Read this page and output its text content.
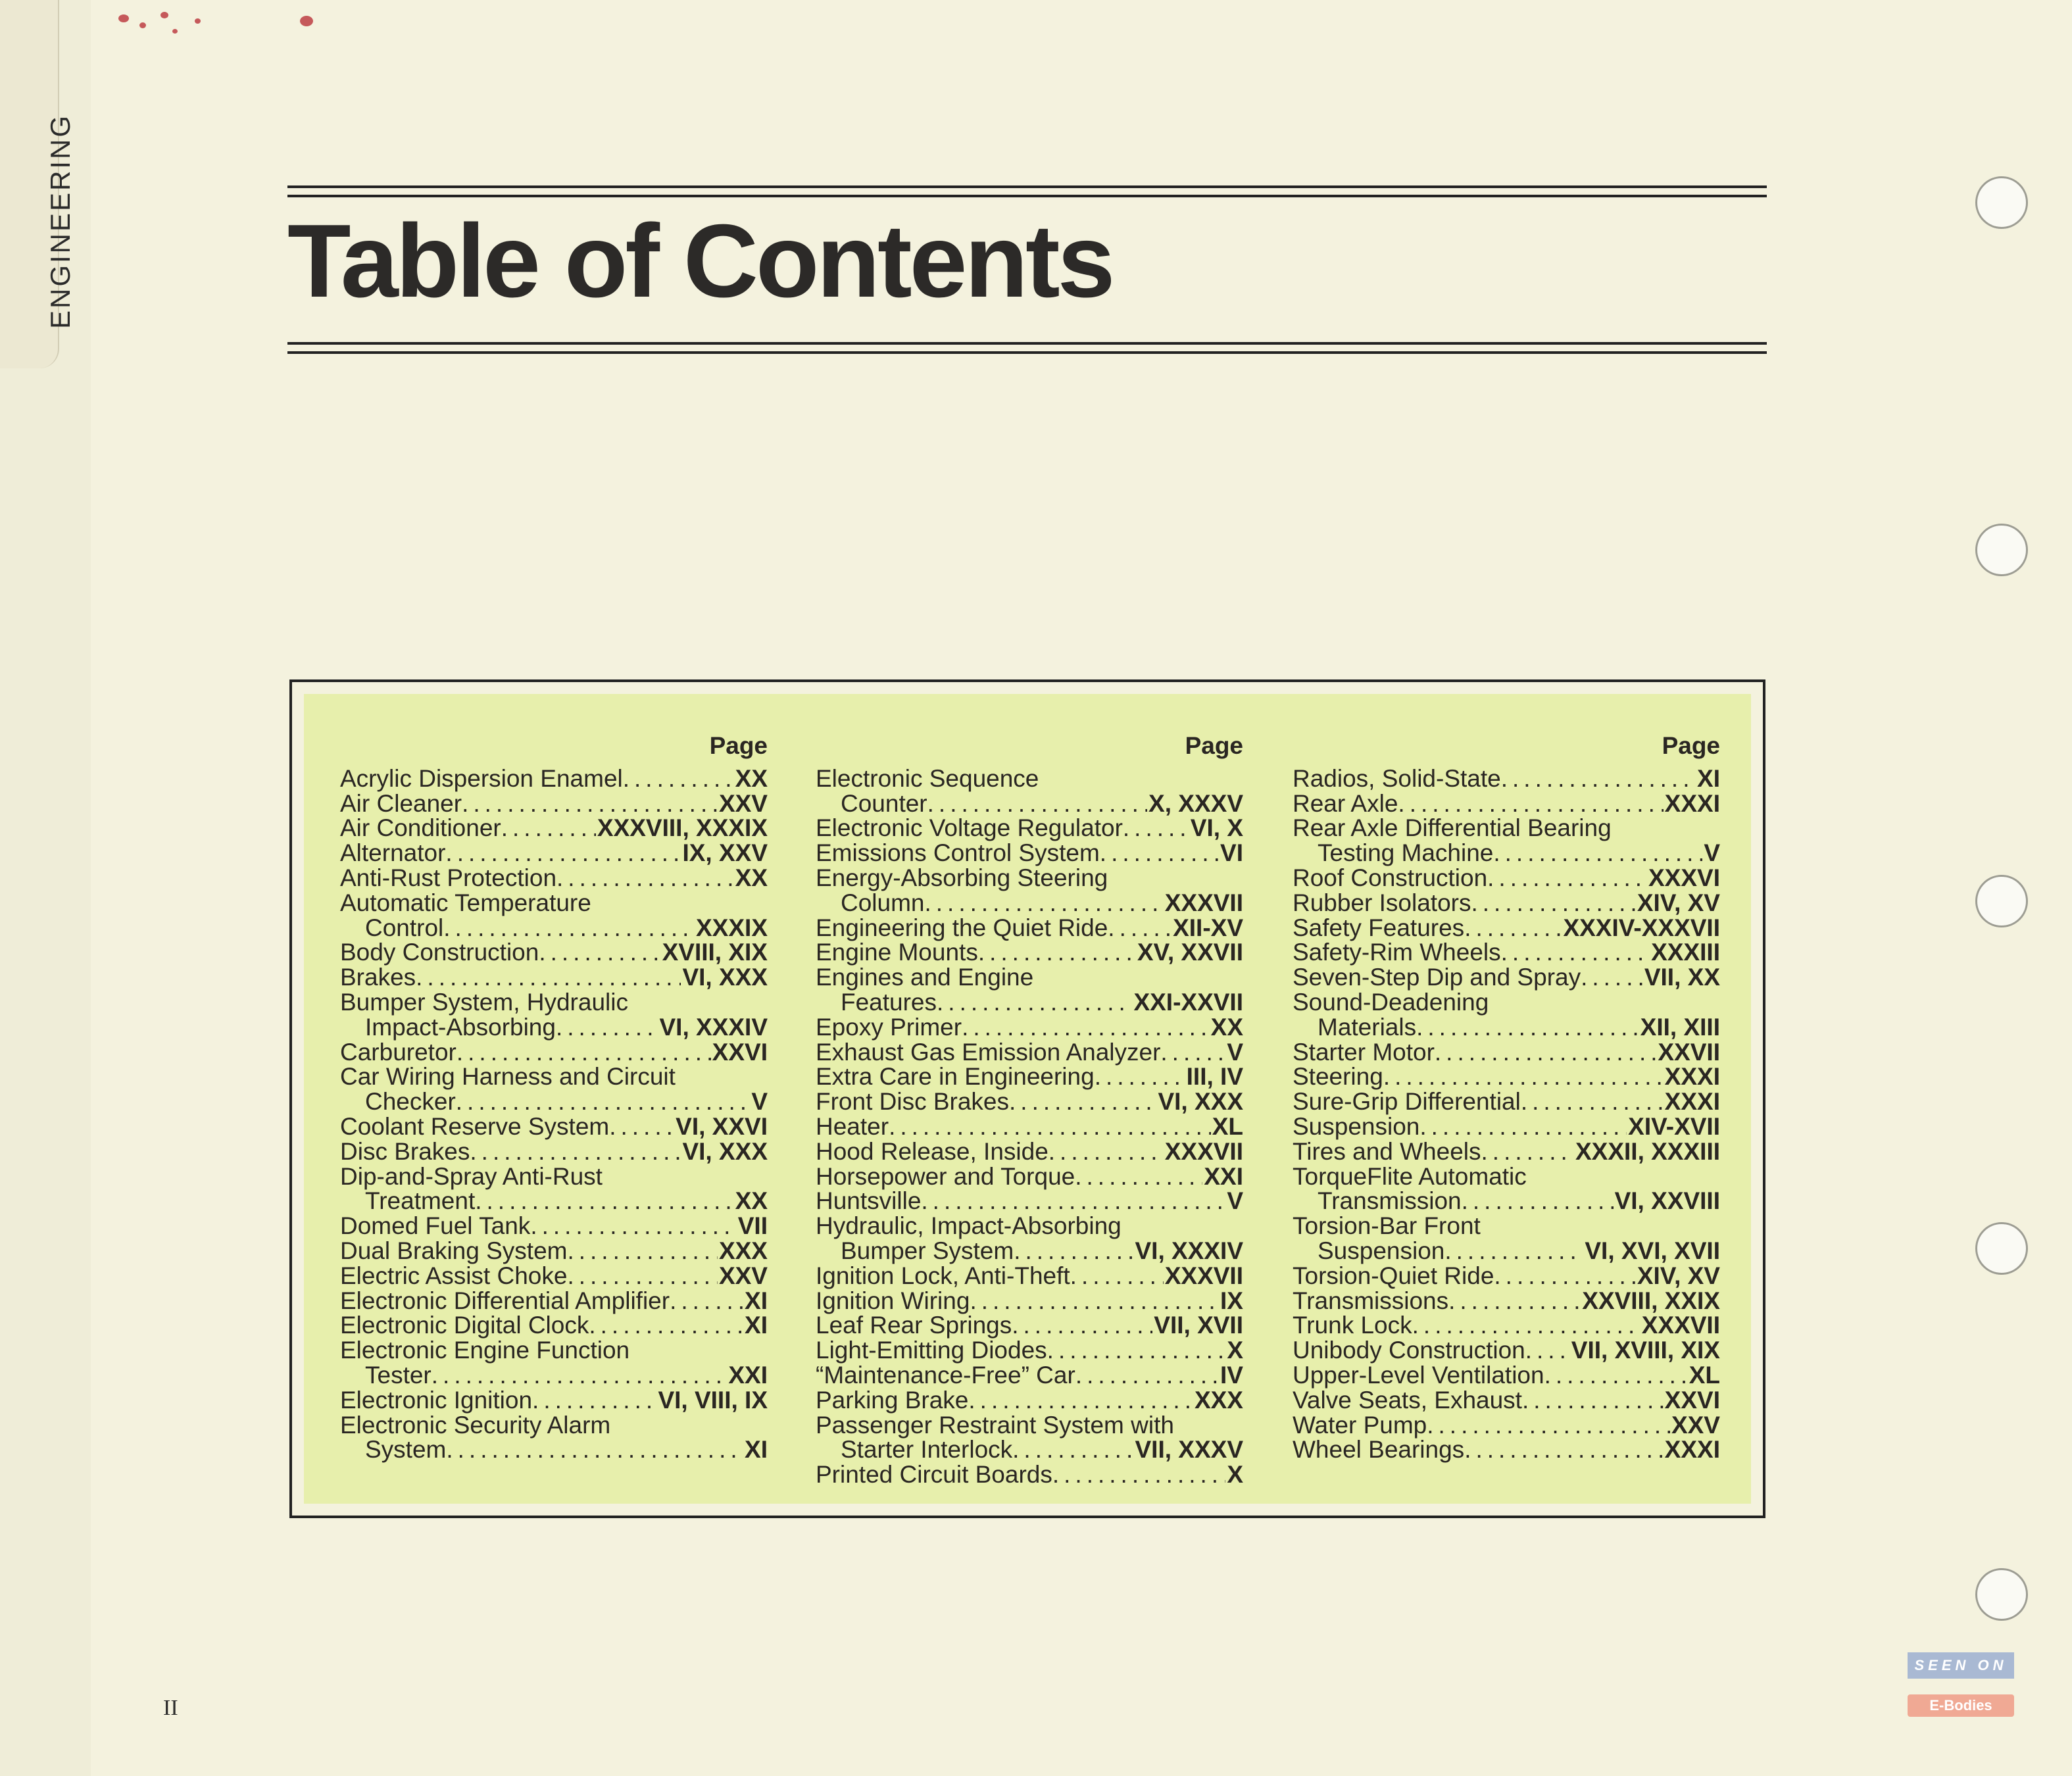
ENGINEERING Table of Contents
Page
Acrylic Dispersion Enamel .....	XX
Air Cleaner .....	XXV
Air Conditioner .....	XXXVIII, XXXIX
Alternator .....	IX, XXV
Anti-Rust Protection .....	XX
Automatic Temperature
Control .....	XXXIX
Body Construction .....	XVIII, XIX
Brakes .....	VI, XXX
Bumper System, Hydraulic
Impact-Absorbing .....	VI, XXXIV
Carburetor .....	XXVI
Car Wiring Harness and Circuit
Checker .....	V
Coolant Reserve System .....	VI, XXVI
Disc Brakes .....	VI, XXX
Dip-and-Spray Anti-Rust
Treatment .....	XX
Domed Fuel Tank .....	VII
Dual Braking System .....	XXX
Electric Assist Choke .....	XXV
Electronic Differential Amplifier .....	XI
Electronic Digital Clock .....	XI
Electronic Engine Function
Tester .....	XXI
Electronic Ignition .....	VI, VIII, IX
Electronic Security Alarm
System .....	XI
Page
Electronic Sequence
Counter .....	X, XXXV
Electronic Voltage Regulator .....	VI, X
Emissions Control System .....	VI
Energy-Absorbing Steering
Column .....	XXXVII
Engineering the Quiet Ride .....	XII-XV
Engine Mounts .....	XV, XXVII
Engines and Engine
Features .....	XXI-XXVII
Epoxy Primer .....	XX
Exhaust Gas Emission Analyzer .....	V
Extra Care in Engineering .....	III, IV
Front Disc Brakes .....	VI, XXX
Heater .....	XL
Hood Release, Inside .....	XXXVII
Horsepower and Torque .....	XXI
Huntsville .....	V
Hydraulic, Impact-Absorbing
Bumper System .....	VI, XXXIV
Ignition Lock, Anti-Theft .....	XXXVII
Ignition Wiring .....	IX
Leaf Rear Springs .....	VII, XVII
Light-Emitting Diodes .....	X
“Maintenance-Free” Car .....	IV
Parking Brake .....	XXX
Passenger Restraint System with
Starter Interlock .....	VII, XXXV
Printed Circuit Boards .....	X
Page
Radios, Solid-State .....	XI
Rear Axle .....	XXXI
Rear Axle Differential Bearing
Testing Machine .....	V
Roof Construction .....	XXXVI
Rubber Isolators .....	XIV, XV
Safety Features .....	XXXIV-XXXVII
Safety-Rim Wheels .....	XXXIII
Seven-Step Dip and Spray .....	VII, XX
Sound-Deadening
Materials .....	XII, XIII
Starter Motor .....	XXVII
Steering .....	XXXI
Sure-Grip Differential .....	XXXI
Suspension .....	XIV-XVII
Tires and Wheels .....	XXXII, XXXIII
TorqueFlite Automatic
Transmission .....	VI, XXVIII
Torsion-Bar Front
Suspension .....	VI, XVI, XVII
Torsion-Quiet Ride .....	XIV, XV
Transmissions .....	XXVIII, XXIX
Trunk Lock .....	XXXVII
Unibody Construction ..... VII, XVIII, XIX
Upper-Level Ventilation .....	XL
Valve Seats, Exhaust .....	XXVI
Water Pump .....	XXV
Wheel Bearings .....	XXXI
II
SEEN ON
E-Bodies
